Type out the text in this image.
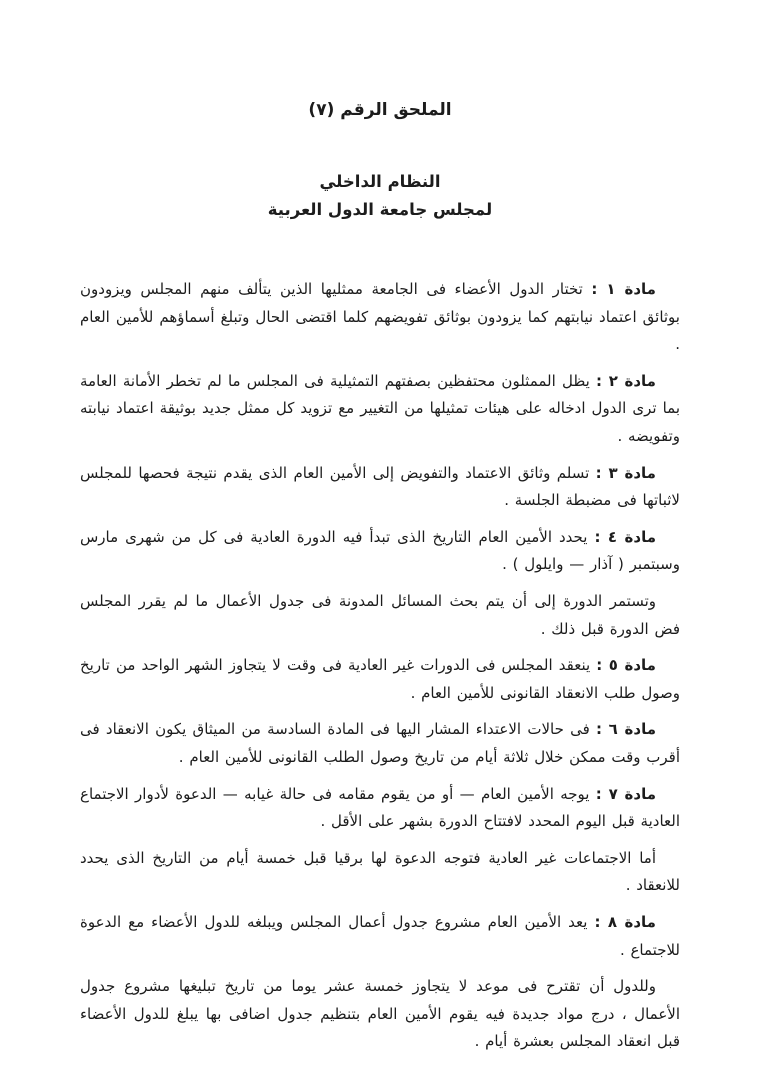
الملحق الرقم (٧)

النظام الداخلي

لمجلس جامعة الدول العربية

مادة ١ : تختار الدول الأعضاء فى الجامعة ممثليها الذين يتألف منهم المجلس ويزودون بوثائق اعتماد نيابتهم كما يزودون بوثائق تفويضهم كلما اقتضى الحال وتبلغ أسماؤهم للأمين العام .

مادة ٢ : يظل الممثلون محتفظين بصفتهم التمثيلية فى المجلس ما لم تخطر الأمانة العامة بما ترى الدول ادخاله على هيئات تمثيلها من التغيير مع تزويد كل ممثل جديد بوثيقة اعتماد نيابته وتفويضه .

مادة ٣ : تسلم وثائق الاعتماد والتفويض إلى الأمين العام الذى يقدم نتيجة فحصها للمجلس لاثباتها فى مضبطة الجلسة .

مادة ٤ : يحدد الأمين العام التاريخ الذى تبدأ فيه الدورة العادية فى كل من شهرى مارس وسبتمبر ( آذار — وايلول ) .

وتستمر الدورة إلى أن يتم بحث المسائل المدونة فى جدول الأعمال ما لم يقرر المجلس فض الدورة قبل ذلك .

مادة ٥ : ينعقد المجلس فى الدورات غير العادية فى وقت لا يتجاوز الشهر الواحد من تاريخ وصول طلب الانعقاد القانونى للأمين العام .

مادة ٦ : فى حالات الاعتداء المشار اليها فى المادة السادسة من الميثاق يكون الانعقاد فى أقرب وقت ممكن خلال ثلاثة أيام من تاريخ وصول الطلب القانونى للأمين العام .

مادة ٧ : يوجه الأمين العام — أو من يقوم مقامه فى حالة غيابه — الدعوة لأدوار الاجتماع العادية قبل اليوم المحدد لافتتاح الدورة بشهر على الأقل .

أما الاجتماعات غير العادية فتوجه الدعوة لها برقيا قبل خمسة أيام من التاريخ الذى يحدد للانعقاد .

مادة ٨ : يعد الأمين العام مشروع جدول أعمال المجلس ويبلغه للدول الأعضاء مع الدعوة للاجتماع .

وللدول أن تقترح فى موعد لا يتجاوز خمسة عشر يوما من تاريخ تبليغها مشروع جدول الأعمال ، درج مواد جديدة فيه يقوم الأمين العام بتنظيم جدول اضافى بها يبلغ للدول الأعضاء قبل انعقاد المجلس بعشرة أيام .
